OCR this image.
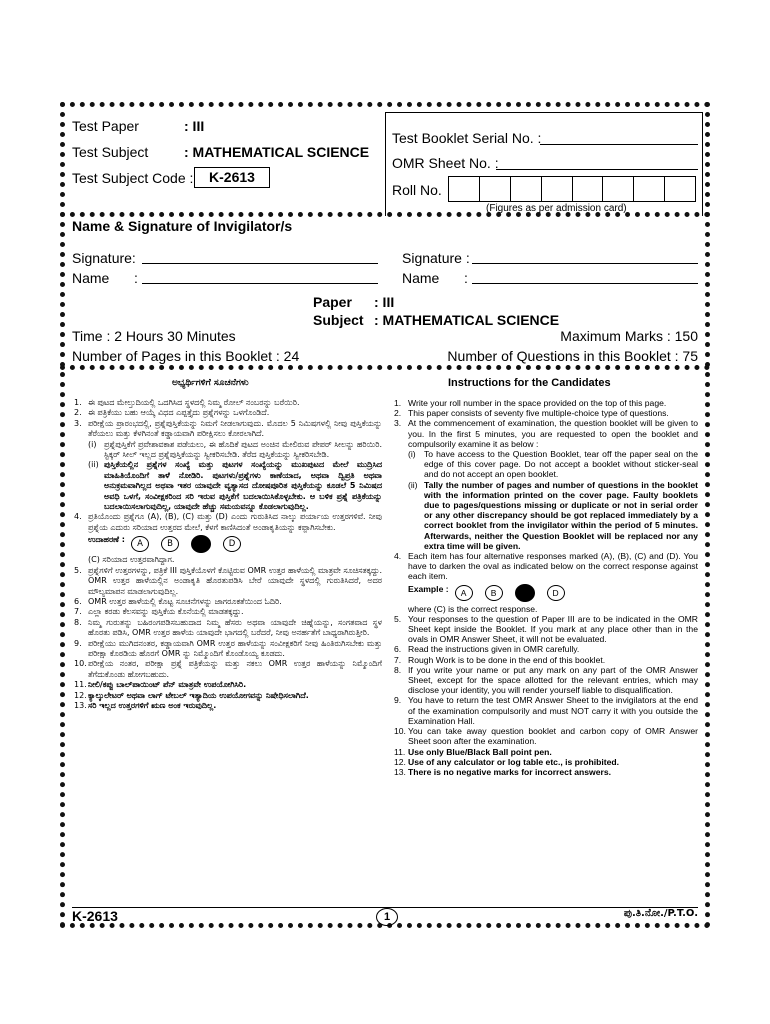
Test Paper	: III
Test Subject	: MATHEMATICAL SCIENCE
Test Subject Code :	K-2613
Test Booklet Serial No. :
OMR Sheet No. :
Roll No.
(Figures as per admission card)
Name & Signature of Invigilator/s
Signature:
Name :
Signature :
Name :
Paper : III
Subject : MATHEMATICAL SCIENCE
Time : 2 Hours 30 Minutes	Maximum Marks : 150
Number of Pages in this Booklet : 24	Number of Questions in this Booklet : 75
ಅಭ್ಯರ್ಥಿಗಳಿಗೆ ಸೂಚನೆಗಳು	Instructions for the Candidates
1. ಈ ಪುಟದ ಮೇಲ್ತುದಿಯಲ್ಲಿ ಒದಗಿಸಿದ ಸ್ಥಳದಲ್ಲಿ ನಿಮ್ಮ ರೋಲ್ ನಂಬರನ್ನು ಬರೆಯಿರಿ.
2. ಈ ಪತ್ರಿಕೆಯು ಬಹು ಆಯ್ಕೆ ವಿಧದ ಎಪ್ಪತ್ತೈದು ಪ್ರಶ್ನೆಗಳನ್ನು ಒಳಗೊಂಡಿದೆ.
3. ಪರೀಕ್ಷೆಯ ಪ್ರಾರಂಭದಲ್ಲಿ, ಪ್ರಶ್ನೆಪುಸ್ತಿಕೆಯನ್ನು ನಿಮಗೆ ನೀಡಲಾಗುವುದು. ಮೊದಲ 5 ನಿಮಿಷಗಳಲ್ಲಿ ನೀವು ಪುಸ್ತಿಕೆಯನ್ನು ತೆರೆಯಲು ಮತ್ತು ಕೆಳಗಿನಂತೆ ಕಡ್ಡಾಯವಾಗಿ ಪರೀಕ್ಷಿಸಲು ಕೋರಲಾಗಿದೆ.
(i) ಪ್ರಶ್ನೆಪುಸ್ತಿಕೆಗೆ ಪ್ರವೇಶಾವಕಾಶ ಪಡೆಯಲು, ಈ ಹೊದಿಕೆ ಪುಟದ ಅಂಚಿನ ಮೇಲಿರುವ ಪೇಪರ್ ಸೀಲನ್ನು ಹರಿಯಿರಿ. ಸ್ಟಿಕ್ಕರ್ ಸೀಲ್ ಇಲ್ಲದ ಪ್ರಶ್ನೆಪುಸ್ತಿಕೆಯನ್ನು ಸ್ವೀಕರಿಸಬೇಡಿ. ತೆರೆದ ಪುಸ್ತಿಕೆಯನ್ನು ಸ್ವೀಕರಿಸಬೇಡಿ.
(ii) ಪುಸ್ತಿಕೆಯಲ್ಲಿನ ಪ್ರಶ್ನೆಗಳ ಸಂಖ್ಯೆ ಮತ್ತು ಪುಟಗಳ ಸಂಖ್ಯೆಯನ್ನು ಮುಖಪುಟದ ಮೇಲೆ ಮುದ್ರಿಸಿದ ಮಾಹಿತಿಯೊಂದಿಗೆ ತಾಳೆ ನೋಡಿರಿ. ಪುಟಗಳು/ಪ್ರಶ್ನೆಗಳು ಕಾಣೆಯಾದ, ಅಥವಾ ದ್ವಿಪ್ರತಿ ಅಥವಾ ಅನುಕ್ರಮವಾಗಿಲ್ಲದ ಅಥವಾ ಇತರ ಯಾವುದೇ ವ್ಯತ್ಯಾಸದ ದೋಷಪೂರಿತ ಪುಸ್ತಿಕೆಯನ್ನು ಕೂಡಲೆ 5 ನಿಮಿಷದ ಅವಧಿ ಒಳಗೆ, ಸಂವೀಕ್ಷಕರಿಂದ ಸರಿ ಇರುವ ಪುಸ್ತಿಕೆಗೆ ಬದಲಾಯಿಸಿಕೊಳ್ಳಬೇಕು. ಆ ಬಳಿಕ ಪ್ರಶ್ನೆ ಪತ್ರಿಕೆಯನ್ನು ಬದಲಾಯಿಸಲಾಗುವುದಿಲ್ಲ, ಯಾವುದೇ ಹೆಚ್ಚು ಸಮಯವನ್ನೂ ಕೊಡಲಾಗುವುದಿಲ್ಲ.
4. ಪ್ರತಿಯೊಂದು ಪ್ರಶ್ನೆಗೂ (A), (B), (C) ಮತ್ತು (D) ಎಂದು ಗುರುತಿಸಿದ ನಾಲ್ಕು ಪರ್ಯಾಯ ಉತ್ತರಗಳಿವೆ. ನೀವು ಪ್ರಶ್ನೆಯ ಎದುರು ಸರಿಯಾದ ಉತ್ತರದ ಮೇಲೆ, ಕೆಳಗೆ ಕಾಣಿಸಿದಂತೆ ಅಂಡಾಕೃತಿಯನ್ನು ಕಪ್ಪಾಗಿಸಬೇಕು.
ಉದಾಹರಣೆ :	A	B	D
(C) ಸರಿಯಾದ ಉತ್ತರವಾಗಿದ್ದಾಗ.
5. ಪ್ರಶ್ನೆಗಳಿಗೆ ಉತ್ತರಗಳನ್ನು, ಪತ್ರಿಕೆ III ಪುಸ್ತಿಕೆಯೊಳಗೆ ಕೊಟ್ಟಿರುವ OMR ಉತ್ತರ ಹಾಳೆಯಲ್ಲಿ ಮಾತ್ರವೇ ಸೂಚಿಸತಕ್ಕದ್ದು. OMR ಉತ್ತರ ಹಾಳೆಯಲ್ಲಿನ ಅಂಡಾಕೃತಿ ಹೊರತುಪಡಿಸಿ ಬೇರೆ ಯಾವುದೇ ಸ್ಥಳದಲ್ಲಿ ಗುರುತಿಸಿದರೆ, ಅದರ ಮೌಲ್ಯಮಾಪನ ಮಾಡಲಾಗುವುದಿಲ್ಲ.
6. OMR ಉತ್ತರ ಹಾಳೆಯಲ್ಲಿ ಕೊಟ್ಟ ಸೂಚನೆಗಳನ್ನು ಜಾಗರೂಕತೆಯಿಂದ ಓದಿರಿ.
7. ಎಲ್ಲಾ ಕರಡು ಕೆಲಸವನ್ನು ಪುಸ್ತಿಕೆಯ ಕೊನೆಯಲ್ಲಿ ಮಾಡತಕ್ಕದ್ದು.
8. ನಿಮ್ಮ ಗುರುತನ್ನು ಬಹಿರಂಗಪಡಿಸಬಹುದಾದ ನಿಮ್ಮ ಹೆಸರು ಅಥವಾ ಯಾವುದೇ ಚಿಹ್ನೆಯನ್ನು, ಸಂಗತವಾದ ಸ್ಥಳ ಹೊರತು ಪಡಿಸಿ, OMR ಉತ್ತರ ಹಾಳೆಯ ಯಾವುದೇ ಭಾಗದಲ್ಲಿ ಬರೆದರೆ, ನೀವು ಅನರ್ಹತೆಗೆ ಬಾಧ್ಯರಾಗಿರುತ್ತೀರಿ.
9. ಪರೀಕ್ಷೆಯು ಮುಗಿದನಂತರ, ಕಡ್ಡಾಯವಾಗಿ OMR ಉತ್ತರ ಹಾಳೆಯನ್ನು ಸಂವೀಕ್ಷಕರಿಗೆ ನೀವು ಹಿಂತಿರುಗಿಸಬೇಕು ಮತ್ತು ಪರೀಕ್ಷಾ ಕೊಠಡಿಯ ಹೊರಗೆ OMR ನ್ನು ನಿಮ್ಮೊಂದಿಗೆ ಕೊಂಡೊಯ್ಯ ಕೂಡದು.
10. ಪರೀಕ್ಷೆಯ ನಂತರ, ಪರೀಕ್ಷಾ ಪ್ರಶ್ನೆ ಪತ್ರಿಕೆಯನ್ನು ಮತ್ತು ನಕಲು OMR ಉತ್ತರ ಹಾಳೆಯನ್ನು ನಿಮ್ಮೊಂದಿಗೆ ತೆಗೆದುಕೊಂಡು ಹೋಗಬಹುದು.
11. ನೀಲಿ/ಕಪ್ಪು ಬಾಲ್‌ಪಾಯಿಂಟ್ ಪೆನ್ ಮಾತ್ರವೇ ಉಪಯೋಗಿಸಿರಿ.
12. ಕ್ಯಾಲ್ಕುಲೇಟರ್ ಅಥವಾ ಲಾಗ್ ಟೇಬಲ್ ಇತ್ಯಾದಿಯ ಉಪಯೋಗವನ್ನು ನಿಷೇಧಿಸಲಾಗಿದೆ.
13. ಸರಿ ಇಲ್ಲದ ಉತ್ತರಗಳಿಗೆ ಋಣ ಅಂಕ ಇರುವುದಿಲ್ಲ.
1. Write your roll number in the space provided on the top of this page.
2. This paper consists of seventy five multiple-choice type of questions.
3. At the commencement of examination, the question booklet will be given to you. In the first 5 minutes, you are requested to open the booklet and compulsorily examine it as below :
(i) To have access to the Question Booklet, tear off the paper seal on the edge of this cover page. Do not accept a booklet without sticker-seal and do not accept an open booklet.
(ii) Tally the number of pages and number of questions in the booklet with the information printed on the cover page. Faulty booklets due to pages/questions missing or duplicate or not in serial order or any other discrepancy should be got replaced immediately by a correct booklet from the invigilator within the period of 5 minutes. Afterwards, neither the Question Booklet will be replaced nor any extra time will be given.
4. Each item has four alternative responses marked (A), (B), (C) and (D). You have to darken the oval as indicated below on the correct response against each item.
Example :	A	B	D
where (C) is the correct response.
5. Your responses to the question of Paper III are to be indicated in the OMR Sheet kept inside the Booklet. If you mark at any place other than in the ovals in OMR Answer Sheet, it will not be evaluated.
6. Read the instructions given in OMR carefully.
7. Rough Work is to be done in the end of this booklet.
8. If you write your name or put any mark on any part of the OMR Answer Sheet, except for the space allotted for the relevant entries, which may disclose your identity, you will render yourself liable to disqualification.
9. You have to return the test OMR Answer Sheet to the invigilators at the end of the examination compulsorily and must NOT carry it with you outside the Examination Hall.
10. You can take away question booklet and carbon copy of OMR Answer Sheet soon after the examination.
11. Use only Blue/Black Ball point pen.
12. Use of any calculator or log table etc., is prohibited.
13. There is no negative marks for incorrect answers.
K-2613	1	ಪು.ತಿ.ನೋ./P.T.O.
